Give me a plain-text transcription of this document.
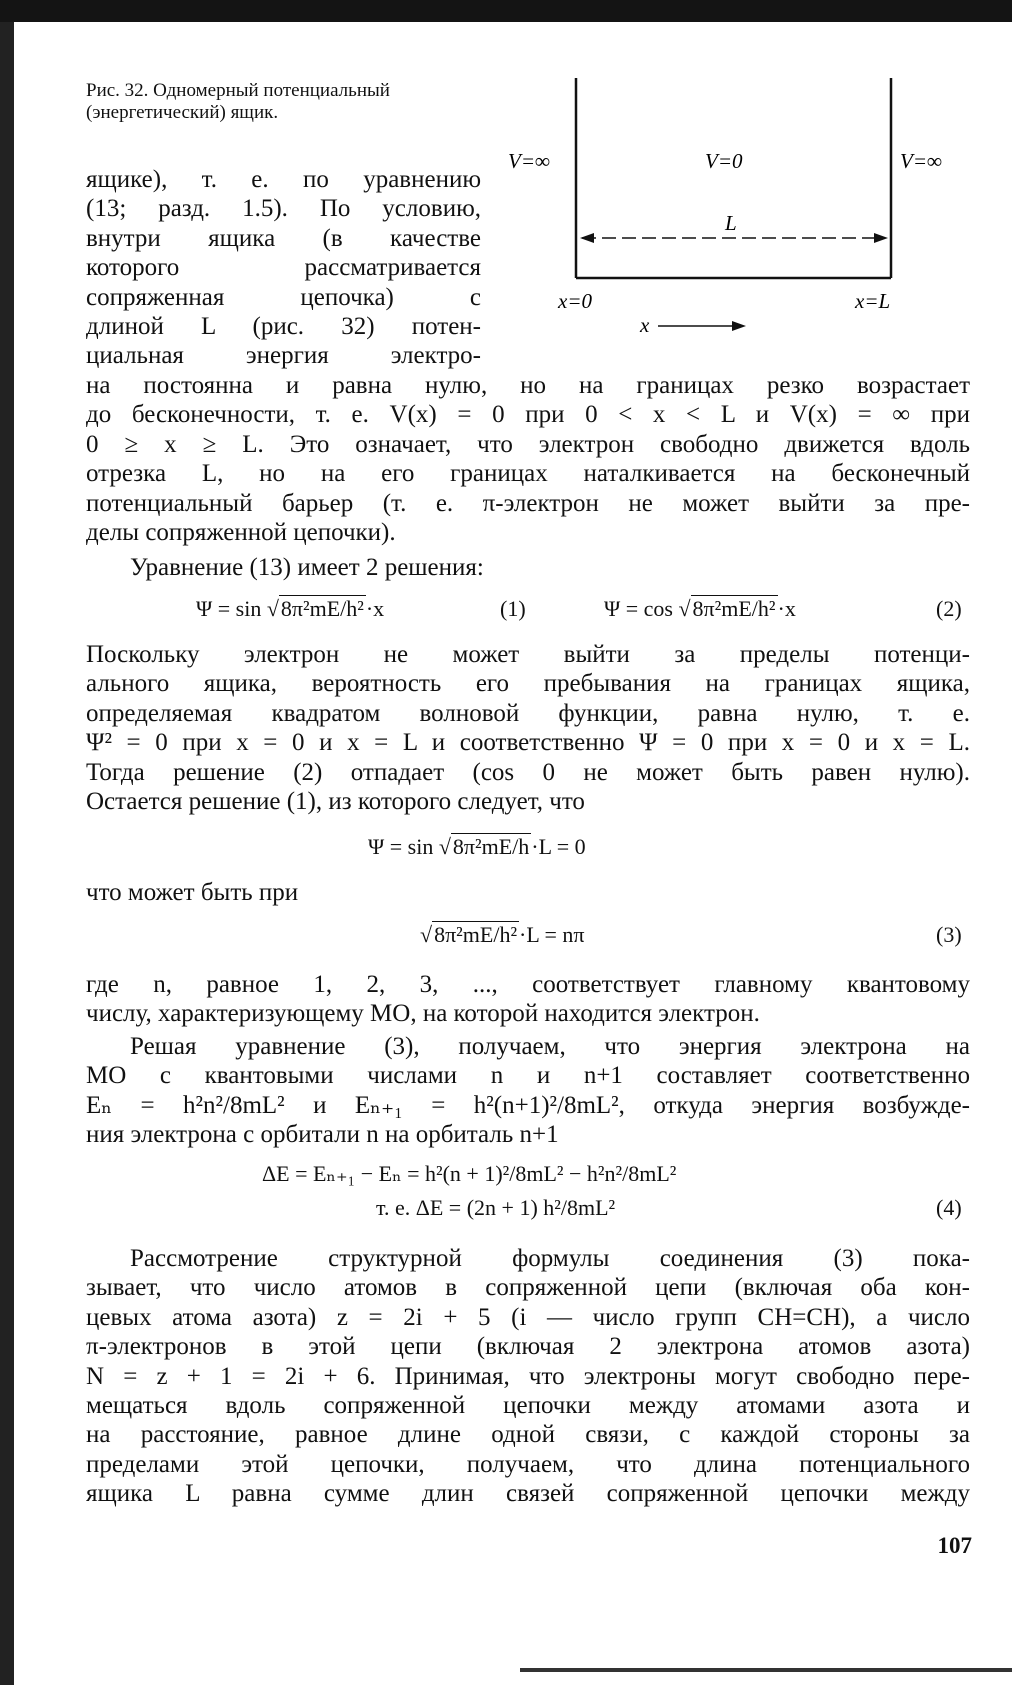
Рис. 32. Одномерный потенциальный (энергетический) ящик.
V=∞	V=0	V=∞
L
x=0	x=L
x
ящике), т. е. по уравнению
(13; разд. 1.5). По условию,
внутри ящика (в качестве
которого рассматривается
сопряженная цепочка) с
длиной L (рис. 32) потен-
циальная энергия электро-
на постоянна и равна нулю, но на границах резко возрастает
до бесконечности, т. е. V(x) = 0 при 0 < x < L и V(x) = ∞ при
0 ≥ x ≥ L. Это означает, что электрон свободно движется вдоль
отрезка L, но на его границах наталкивается на бесконечный
потенциальный барьер (т. е. π-электрон не может выйти за пре-
делы сопряженной цепочки).
Уравнение (13) имеет 2 решения:
Ψ = sin √8π²mE/h²·x	(1)	Ψ = cos √8π²mE/h²·x	(2)
Поскольку электрон не может выйти за пределы потенци-
ального ящика, вероятность его пребывания на границах ящика,
определяемая квадратом волновой функции, равна нулю, т. е.
Ψ² = 0 при x = 0 и x = L и соответственно Ψ = 0 при x = 0 и x = L.
Тогда решение (2) отпадает (cos 0 не может быть равен нулю).
Остается решение (1), из которого следует, что
Ψ = sin √8π²mE/h·L = 0
что может быть при
√8π²mE/h²·L = nπ	(3)
где n, равное 1, 2, 3, ..., соответствует главному квантовому
числу, характеризующему МО, на которой находится электрон.
Решая уравнение (3), получаем, что энергия электрона на
МО с квантовыми числами n и n+1 составляет соответственно
Eₙ = h²n²/8mL² и Eₙ₊₁ = h²(n+1)²/8mL², откуда энергия возбужде-
ния электрона с орбитали n на орбиталь n+1
ΔE = Eₙ₊₁ − Eₙ = h²(n + 1)²/8mL² − h²n²/8mL²
т. е. ΔE = (2n + 1) h²/8mL²	(4)
Рассмотрение структурной формулы соединения (3) пока-
зывает, что число атомов в сопряженной цепи (включая оба кон-
цевых атома азота) z = 2i + 5 (i — число групп CH=CH), а число
π-электронов в этой цепи (включая 2 электрона атомов азота)
N = z + 1 = 2i + 6. Принимая, что электроны могут свободно пере-
мещаться вдоль сопряженной цепочки между атомами азота и
на расстояние, равное длине одной связи, с каждой стороны за
пределами этой цепочки, получаем, что длина потенциального
ящика L равна сумме длин связей сопряженной цепочки между
107
